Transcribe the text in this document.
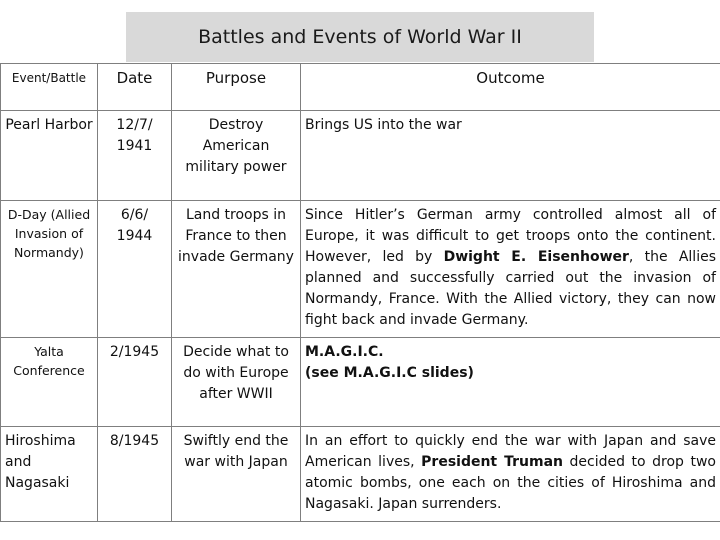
Battles and Events of World War II
Event/Battle	Date	Purpose	Outcome
Pearl Harbor	12/7/ 1941	Destroy American military power	Brings US into the war
D-Day (Allied Invasion of Normandy)	6/6/ 1944	Land troops in France to then invade Germany	Since Hitler’s German army controlled almost all of Europe, it was difficult to get troops onto the continent. However, led by Dwight E. Eisenhower, the Allies planned and successfully carried out the invasion of Normandy, France. With the Allied victory, they can now fight back and invade Germany.
Yalta Conference	2/1945	Decide what to do with Europe after WWII	M.A.G.I.C.
(see M.A.G.I.C slides)
Hiroshima and Nagasaki	8/1945	Swiftly end the war with Japan	In an effort to quickly end the war with Japan and save American lives, President Truman decided to drop two atomic bombs, one each on the cities of Hiroshima and Nagasaki. Japan surrenders.
